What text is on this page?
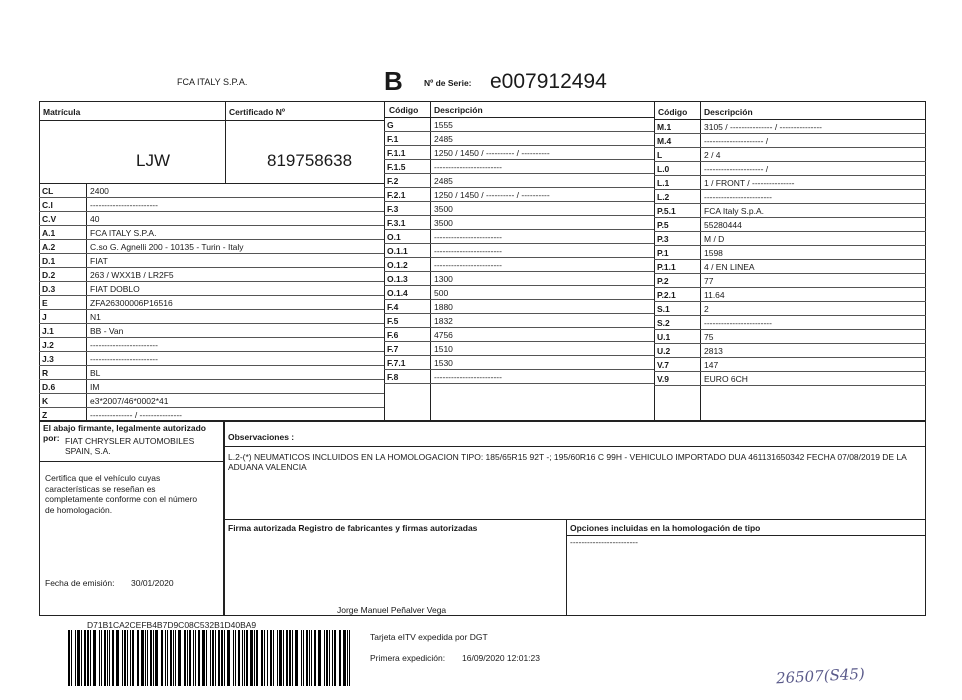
FCA ITALY S.P.A.	B Nº de Serie: e007912494
Matrícula	Certificado Nº
LJW	819758638
CL	2400
C.I	------------------------
C.V	40
A.1	FCA ITALY S.P.A.
A.2	C.so G. Agnelli 200 - 10135 - Turin - Italy
D.1	FIAT
D.2	263 / WXX1B / LR2F5
D.3	FIAT DOBLO
E	ZFA26300006P16516
J	N1
J.1	BB - Van
J.2	------------------------
J.3	------------------------
R	BL
D.6	IM
K	e3*2007/46*0002*41
Z	--------------- / ---------------
Código Descripción
G	1555
F.1	2485
F.1.1	1250 / 1450 / ---------- / ----------
F.1.5	------------------------
F.2	2485
F.2.1	1250 / 1450 / ---------- / ----------
F.3	3500
F.3.1	3500
O.1	------------------------
O.1.1	------------------------
O.1.2	------------------------
O.1.3	1300
O.1.4	500
F.4	1880
F.5	1832
F.6	4756
F.7	1510
F.7.1	1530
F.8	------------------------
Código Descripción
M.1	3105 / --------------- / ---------------
M.4	--------------------- /
L	2 / 4
L.0	--------------------- /
L.1	1 / FRONT / ---------------
L.2	------------------------
P.5.1	FCA Italy S.p.A.
P.5	55280444
P.3	M / D
P.1	1598
P.1.1	4 / EN LINEA
P.2	77
P.2.1	11.64
S.1	2
S.2	------------------------
U.1	75
U.2	2813
V.7	147
V.9	EURO 6CH
El abajo firmante, legalmente autorizado
por: FIAT CHRYSLER AUTOMOBILES SPAIN, S.A.
Certifica que el vehículo cuyas características se reseñan es completamente conforme con el número de homologación.
Fecha de emisión: 30/01/2020
Observaciones :
L.2-(*) NEUMATICOS INCLUIDOS EN LA HOMOLOGACION TIPO: 185/65R15 92T -; 195/60R16 C 99H - VEHICULO IMPORTADO DUA 461131650342 FECHA 07/08/2019 DE LA ADUANA VALENCIA
Firma autorizada Registro de fabricantes y firmas autorizadas	Opciones incluidas en la homologación de tipo
------------------------
Jorge Manuel Peñalver Vega
D71B1CA2CEFB4B7D9C08C532B1D40BA9
Tarjeta eITV expedida por DGT
Primera expedición: 16/09/2020 12:01:23
26507(S45)
